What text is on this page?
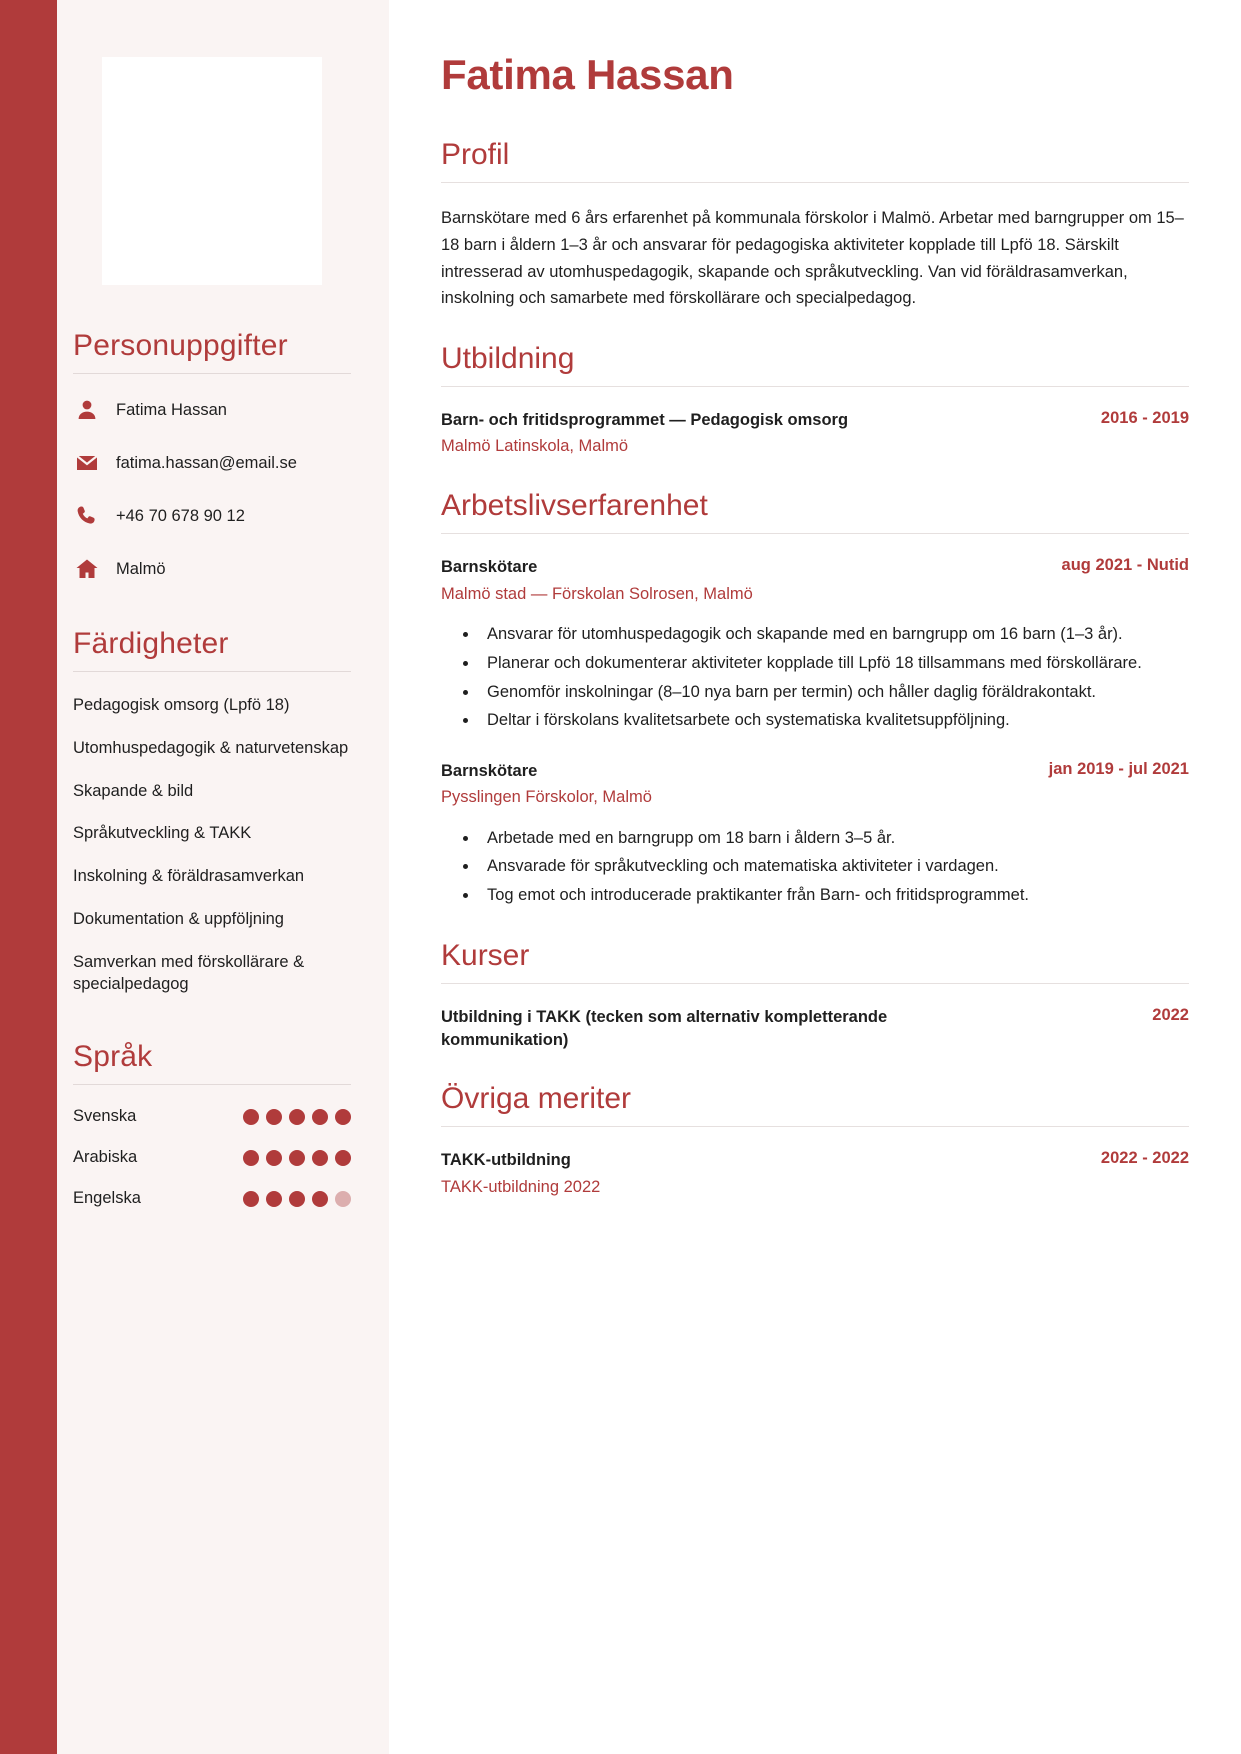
Personuppgifter
Fatima Hassan
fatima.hassan@email.se
+46 70 678 90 12
Malmö
Färdigheter
Pedagogisk omsorg (Lpfö 18)
Utomhuspedagogik & naturvetenskap
Skapande & bild
Språkutveckling & TAKK
Inskolning & föräldrasamverkan
Dokumentation & uppföljning
Samverkan med förskollärare & specialpedagog
Språk
Svenska
Arabiska
Engelska
Fatima Hassan
Profil

Barnskötare med 6 års erfarenhet på kommunala förskolor i Malmö. Arbetar med barngrupper om 15–18 barn i åldern 1–3 år och ansvarar för pedagogiska aktiviteter kopplade till Lpfö 18. Särskilt intresserad av utomhuspedagogik, skapande och språkutveckling. Van vid föräldrasamverkan, inskolning och samarbete med förskollärare och specialpedagog.

Utbildning
Barn- och fritidsprogrammet — Pedagogisk omsorg	2016 - 2019
Malmö Latinskola, Malmö
Arbetslivserfarenhet
Barnskötare	aug 2021 - Nutid
Malmö stad — Förskolan Solrosen, Malmö
• Ansvarar för utomhuspedagogik och skapande med en barngrupp om 16 barn (1–3 år).
• Planerar och dokumenterar aktiviteter kopplade till Lpfö 18 tillsammans med förskollärare.
• Genomför inskolningar (8–10 nya barn per termin) och håller daglig föräldrakontakt.
• Deltar i förskolans kvalitetsarbete och systematiska kvalitetsuppföljning.
Barnskötare	jan 2019 - jul 2021
Pysslingen Förskolor, Malmö
• Arbetade med en barngrupp om 18 barn i åldern 3–5 år.
• Ansvarade för språkutveckling och matematiska aktiviteter i vardagen.
• Tog emot och introducerade praktikanter från Barn- och fritidsprogrammet.
Kurser
Utbildning i TAKK (tecken som alternativ kompletterande kommunikation)
2022
Övriga meriter
TAKK-utbildning	2022 - 2022
TAKK-utbildning 2022
